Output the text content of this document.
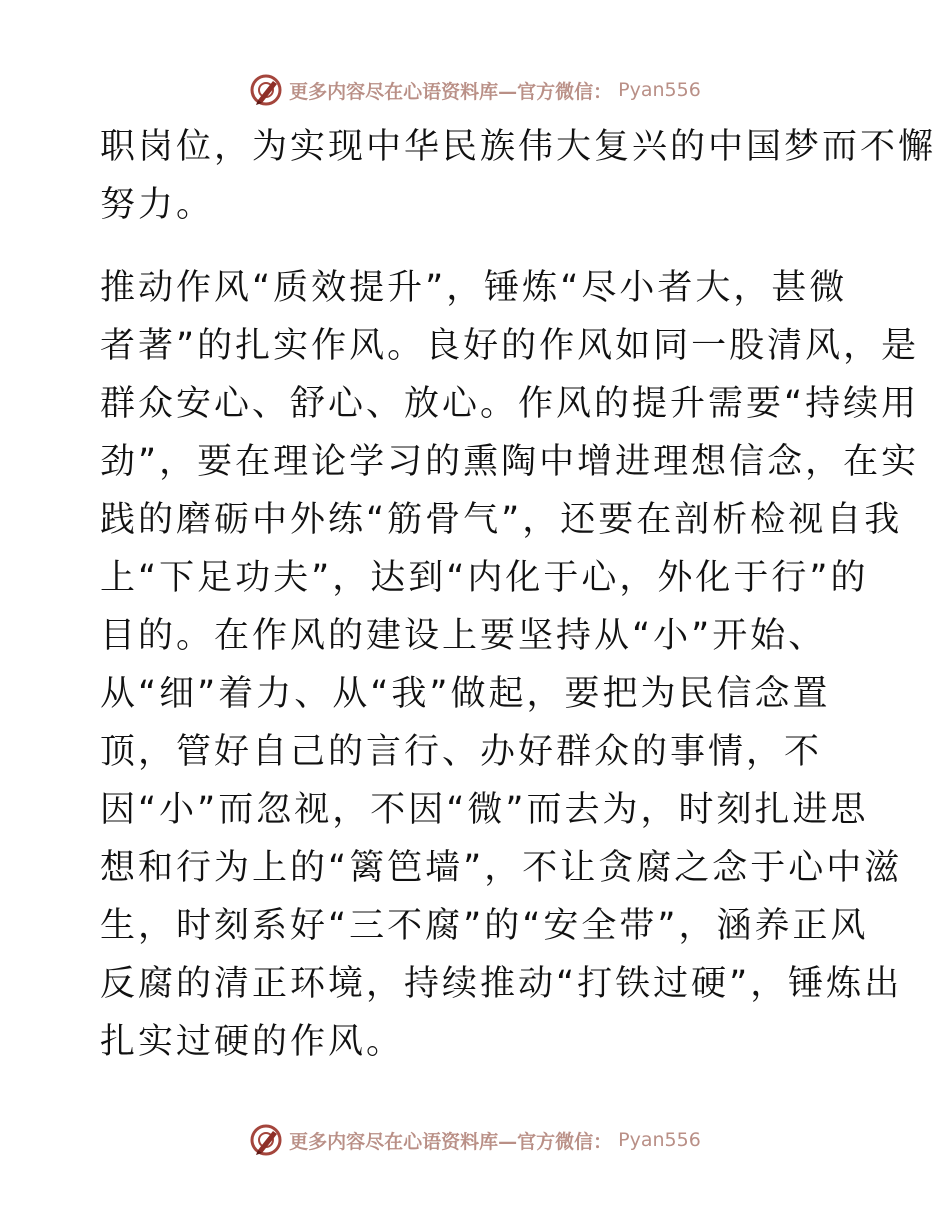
更多内容尽在心语资料库—官方微信： Pyan556
职岗位，为实现中华民族伟大复兴的中国梦而不懈
努力。
推动作风“质效提升”，锤炼“尽小者大，甚微
者著”的扎实作风。良好的作风如同一股清风，是
群众安心、舒心、放心。作风的提升需要“持续用
劲”，要在理论学习的熏陶中增进理想信念，在实
践的磨砺中外练“筋骨气”，还要在剖析检视自我
上“下足功夫”，达到“内化于心，外化于行”的
目的。在作风的建设上要坚持从“小”开始、
从“细”着力、从“我”做起，要把为民信念置
顶，管好自己的言行、办好群众的事情，不
因“小”而忽视，不因“微”而去为，时刻扎进思
想和行为上的“篱笆墙”，不让贪腐之念于心中滋
生，时刻系好“三不腐”的“安全带”，涵养正风
反腐的清正环境，持续推动“打铁过硬”，锤炼出
扎实过硬的作风。
更多内容尽在心语资料库—官方微信： Pyan556
